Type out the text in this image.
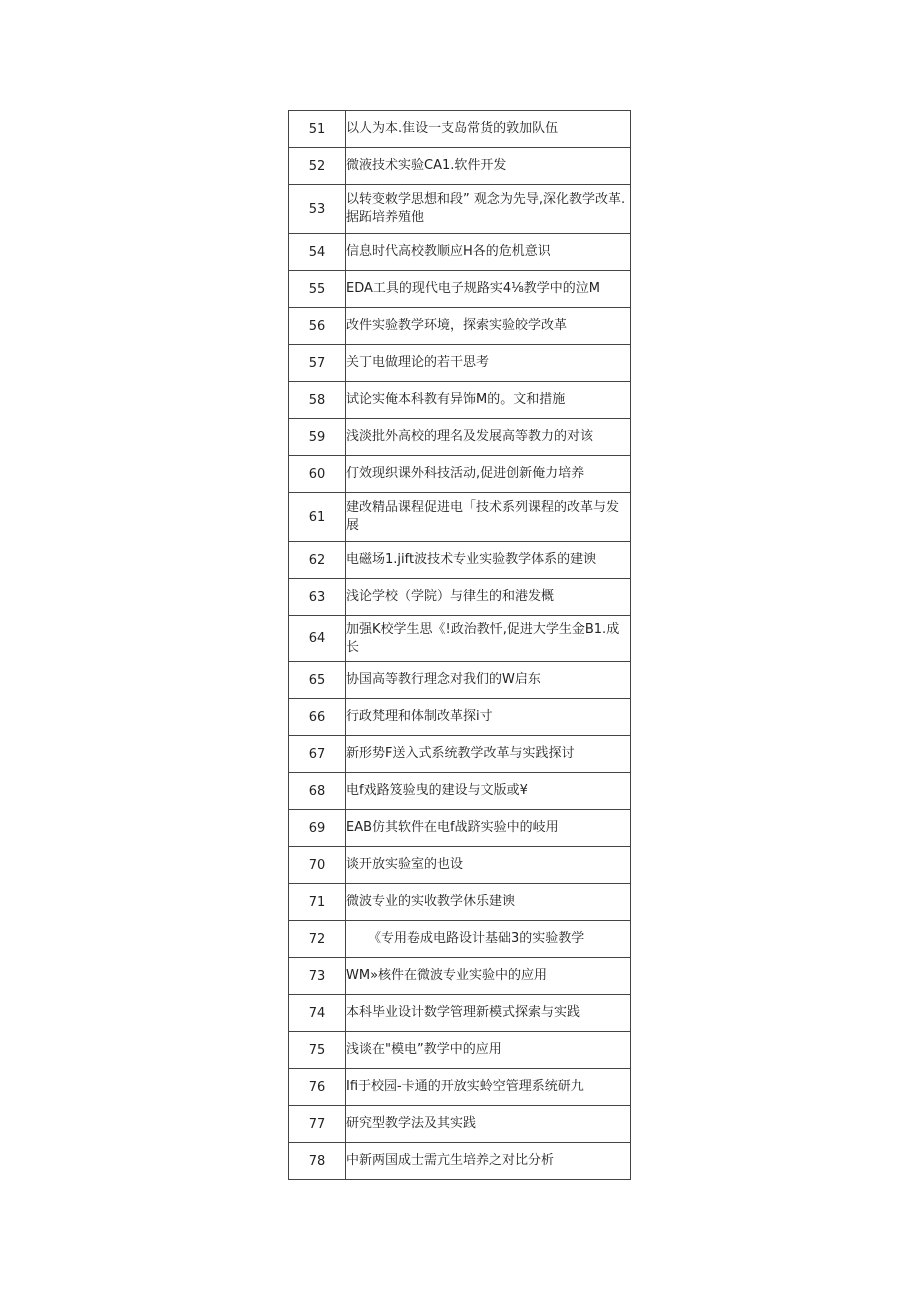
51	以人为本.隹设一支岛常货的敦加队伍
52	微液技术实验CA1.软件开发
53	以转变敕学思想和段” 观念为先导,深化教学改革.据跖培养殖他
54	信息时代高校教顺应H各的危机意识
55	EDA工具的现代电子规路实4⅛教学中的泣M
56	改件实验教学环境，探索实验皎学改革
57	关丁电做理论的若干思考
58	试论实俺本科教有异饰M的。文和措施
59	浅淡批外高校的理名及发展高等教力的对该
60	仃效现织课外科技活动,促进创新俺力培养
61	建改精品课程促进电「技术系列课程的改革与发展
62	电磁场1.jift波技术专业实验教学体系的建谀
63	浅论学校（学院）与律生的和港发概
64	加强K校学生思《!政治教忏,促进大学生金B1.成长
65	协国高等教行理念对我们的W启东
66	行政梵理和体制改革探i寸
67	新形势F送入式系统教学改革与实践探讨
68	电f戏路笈验曳的建设与文版或¥
69	EAB仿其软件在电f战跻实验中的岐用
70	谈开放实验室的也设
71	微波专业的实收教学休乐建谀
72	《专用卷成电路设计基础3的实验教学
73	WM»核件在微波专业实验中的应用
74	本科毕业设计数学管理新模式探索与实践
75	浅谈在"模电”教学中的应用
76	Ifi于校园-卡通的开放实蛉空管理系统研九
77	研究型教学法及其实践
78	中新两国成士需亢生培养之对比分析
